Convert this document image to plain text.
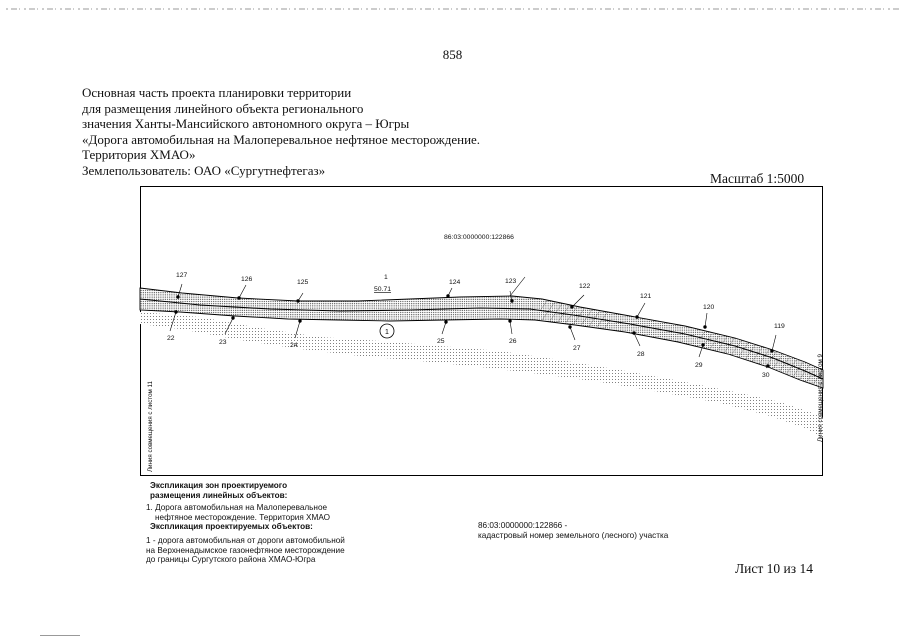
858
Основная часть проекта планировки территории
для размещения линейного объекта регионального
значения Ханты-Мансийского автономного округа – Югры
«Дорога автомобильная на Малоперевальное нефтяное месторождение.
Территория ХМАО»
Землепользователь: ОАО «Сургутнефтегаз»
Масштаб 1:5000
86:03:0000000:122866
1
50.71
127
126	125	124	123
122
121
120
119
22
23	24
25	26
27
28
29
30
Линия совмещения с листом 11	Линия совмещения с листом 9
1
Экспликация зон проектируемого
размещения линейных объектов:
1. Дорога автомобильная на Малоперевальное
нефтяное месторождение. Территория ХМАО
Экспликация проектируемых объектов:
1 - дорога автомобильная от дороги автомобильной
на Верхненадымское газонефтяное месторождение
до границы Сургутского района ХМАО-Югра
86:03:0000000:122866 -
кадастровый номер земельного (лесного) участка
Лист 10 из 14
